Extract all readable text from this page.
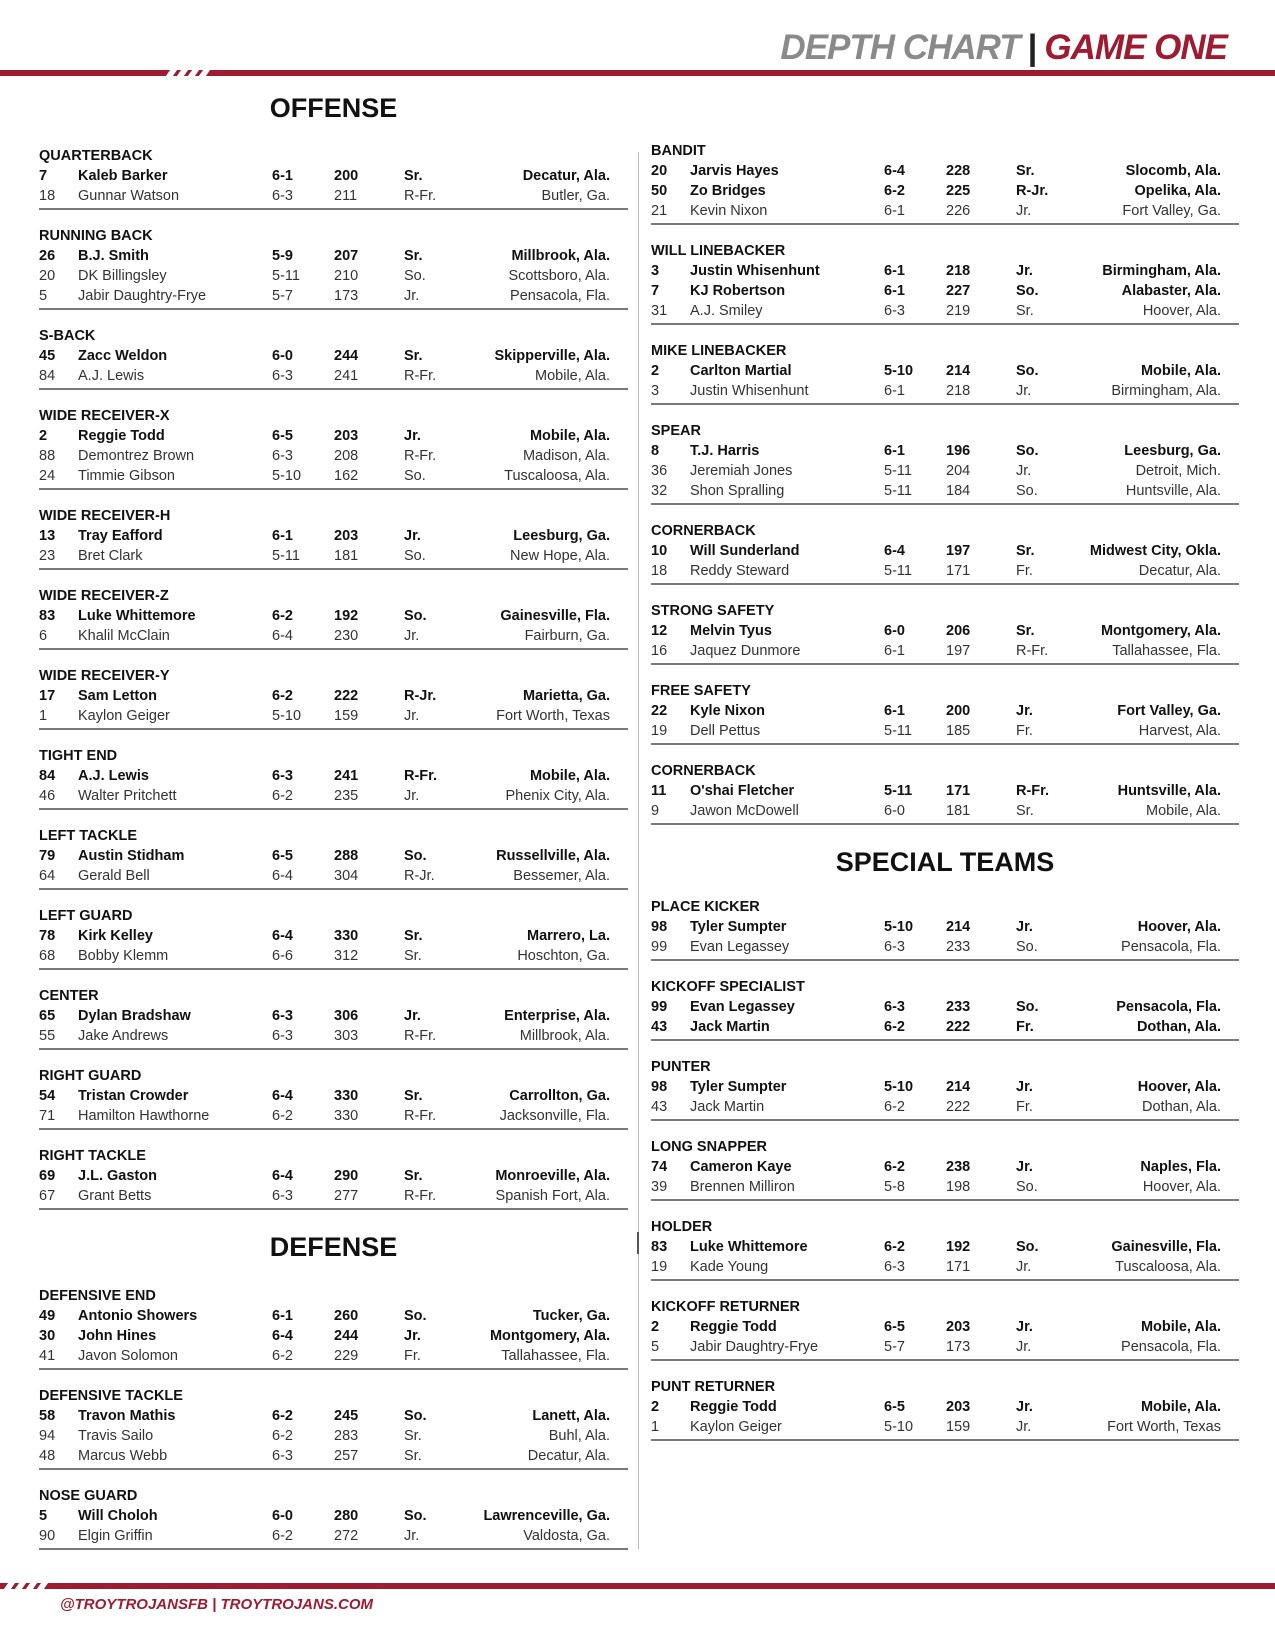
DEPTH CHART | GAME ONE
OFFENSE
QUARTERBACK
7 Kaleb Barker	6-1	200	Sr.	Decatur, Ala.
18 Gunnar Watson	6-3	211	R-Fr.	Butler, Ga.
RUNNING BACK
26 B.J. Smith	5-9	207	Sr.	Millbrook, Ala.
20 DK Billingsley	5-11 210	So.	Scottsboro, Ala.
5 Jabir Daughtry-Frye	5-7	173	Jr.	Pensacola, Fla.
S-BACK
45 Zacc Weldon	6-0	244	Sr.	Skipperville, Ala.
84 A.J. Lewis	6-3	241	R-Fr.	Mobile, Ala.
WIDE RECEIVER-X
2 Reggie Todd	6-5	203	Jr.	Mobile, Ala.
88 Demontrez Brown	6-3	208	R-Fr.	Madison, Ala.
24 Timmie Gibson	5-10 162	So.	Tuscaloosa, Ala.
WIDE RECEIVER-H
13 Tray Eafford	6-1	203	Jr.	Leesburg, Ga.
23 Bret Clark	5-11 181	So.	New Hope, Ala.
WIDE RECEIVER-Z
83 Luke Whittemore	6-2	192	So.	Gainesville, Fla.
6 Khalil McClain	6-4	230	Jr.	Fairburn, Ga.
WIDE RECEIVER-Y
17 Sam Letton	6-2	222	R-Jr.	Marietta, Ga.
1 Kaylon Geiger	5-10 159	Jr.	Fort Worth, Texas
TIGHT END
84 A.J. Lewis	6-3	241	R-Fr.	Mobile, Ala.
46 Walter Pritchett	6-2	235	Jr.	Phenix City, Ala.
LEFT TACKLE
79 Austin Stidham	6-5	288	So.	Russellville, Ala.
64 Gerald Bell	6-4	304	R-Jr.	Bessemer, Ala.
LEFT GUARD
78 Kirk Kelley	6-4	330	Sr.	Marrero, La.
68 Bobby Klemm	6-6	312	Sr.	Hoschton, Ga.
CENTER
65 Dylan Bradshaw	6-3	306	Jr.	Enterprise, Ala.
55 Jake Andrews	6-3	303	R-Fr.	Millbrook, Ala.
RIGHT GUARD
54 Tristan Crowder	6-4	330	Sr.	Carrollton, Ga.
71 Hamilton Hawthorne	6-2	330	R-Fr.	Jacksonville, Fla.
RIGHT TACKLE
69 J.L. Gaston	6-4	290	Sr.	Monroeville, Ala.
67 Grant Betts	6-3	277	R-Fr.	Spanish Fort, Ala.
DEFENSE
DEFENSIVE END
49 Antonio Showers	6-1	260	So.	Tucker, Ga.
30 John Hines	6-4	244	Jr.	Montgomery, Ala.
41 Javon Solomon	6-2	229	Fr.	Tallahassee, Fla.
DEFENSIVE TACKLE
58 Travon Mathis	6-2	245	So.	Lanett, Ala.
94 Travis Sailo	6-2	283	Sr.	Buhl, Ala.
48 Marcus Webb	6-3	257	Sr.	Decatur, Ala.
NOSE GUARD
5 Will Choloh	6-0	280	So.	Lawrenceville, Ga.
90 Elgin Griffin	6-2	272	Jr.	Valdosta, Ga.
BANDIT
20 Jarvis Hayes	6-4	228	Sr.	Slocomb, Ala.
50 Zo Bridges	6-2	225	R-Jr.	Opelika, Ala.
21 Kevin Nixon	6-1	226	Jr.	Fort Valley, Ga.
WILL LINEBACKER
3 Justin Whisenhunt	6-1	218	Jr.	Birmingham, Ala.
7 KJ Robertson	6-1	227	So.	Alabaster, Ala.
31 A.J. Smiley	6-3	219	Sr.	Hoover, Ala.
MIKE LINEBACKER
2 Carlton Martial	5-10 214	So.	Mobile, Ala.
3 Justin Whisenhunt	6-1	218	Jr.	Birmingham, Ala.
SPEAR
8 T.J. Harris	6-1	196	So.	Leesburg, Ga.
36 Jeremiah Jones	5-11 204	Jr.	Detroit, Mich.
32 Shon Spralling	5-11 184	So.	Huntsville, Ala.
CORNERBACK
10 Will Sunderland	6-4	197	Sr.	Midwest City, Okla.
18 Reddy Steward	5-11 171	Fr.	Decatur, Ala.
STRONG SAFETY
12 Melvin Tyus	6-0	206	Sr.	Montgomery, Ala.
16 Jaquez Dunmore	6-1	197	R-Fr.	Tallahassee, Fla.
FREE SAFETY
22 Kyle Nixon	6-1	200	Jr.	Fort Valley, Ga.
19 Dell Pettus	5-11 185	Fr.	Harvest, Ala.
CORNERBACK
11 O'shai Fletcher	5-11 171	R-Fr.	Huntsville, Ala.
9 Jawon McDowell	6-0	181	Sr.	Mobile, Ala.
SPECIAL TEAMS
PLACE KICKER
98 Tyler Sumpter	5-10 214	Jr.	Hoover, Ala.
99 Evan Legassey	6-3	233	So.	Pensacola, Fla.
KICKOFF SPECIALIST
99 Evan Legassey	6-3	233	So.	Pensacola, Fla.
43 Jack Martin	6-2	222	Fr.	Dothan, Ala.
PUNTER
98 Tyler Sumpter	5-10 214	Jr.	Hoover, Ala.
43 Jack Martin	6-2	222	Fr.	Dothan, Ala.
LONG SNAPPER
74 Cameron Kaye	6-2	238	Jr.	Naples, Fla.
39 Brennen Milliron	5-8	198	So.	Hoover, Ala.
HOLDER
83 Luke Whittemore	6-2	192	So.	Gainesville, Fla.
19 Kade Young	6-3	171	Jr.	Tuscaloosa, Ala.
KICKOFF RETURNER
2 Reggie Todd	6-5	203	Jr.	Mobile, Ala.
5 Jabir Daughtry-Frye	5-7	173	Jr.	Pensacola, Fla.
PUNT RETURNER
2 Reggie Todd	6-5	203	Jr.	Mobile, Ala.
1 Kaylon Geiger	5-10 159	Jr.	Fort Worth, Texas
@TROYTROJANSFB | TROYTROJANS.COM
